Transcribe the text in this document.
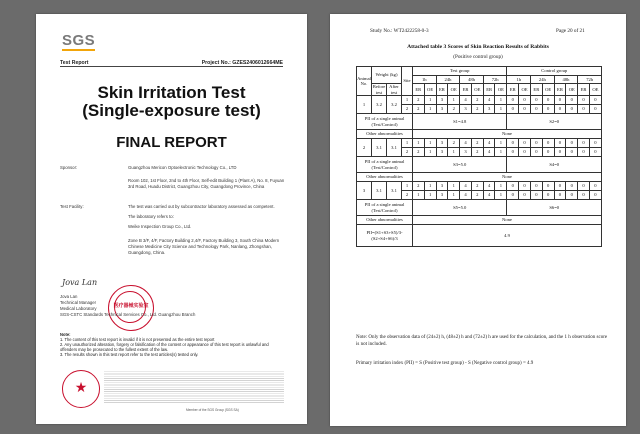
SGS
Test Report	Project No.: GZES2406012664ME
Skin Irritation Test
(Single-exposure test)
FINAL REPORT
Sponsor:	Guangzhou Mericon Optoelectronic Technology Co., LTD
Room 102, 1st Floor, 2nd to 4th Floor, Self-edit Building 1 (Plant A), No. 8, Fuyuan 3rd Road, Huadu District, Guangzhou City, Guangdong Province, China
Test Facility:	The test was carried out by subcontractor laboratory assessed as competent.
The laboratory refers to:
Weike Inspection Group Co., Ltd.
Zone B 3/F, 4/F, Factory Building 2,4/F, Factory Building 3, South China Modern Chinese Medicine City Science and Technology Park, Nanlang, Zhongshan, Guangdong, China.
Jova Lan
医疗器械实验室
Jova Lan
Technical Manager
Medical Laboratory
SGS-CSTC Standards Technical Services Co., Ltd. Guangzhou Branch
Note:
1. The content of this test report is invalid if it is not presented as the entire test report
2. Any unauthorized alteration, forgery or falsification of the content or appearance of this test report is unlawful and offenders may be prosecuted to the fullest extent of the law.
3. The results shown in this test report refer to the test articles(s) tested only.
★
Member of the SGS Group (SGS SA)
Study No.: WT2422258-0-3	Page 20 of 21
Attached table 3 Scores of Skin Reaction Results of Rabbits
(Positive control group)
Animal No.	Weight (kg)		Site	Test group								Control group							
				1h		24h		48h		72h		1h		24h		48h		72h	
	Before test	After test		ER	OE	ER	OE	ER	OE	ER	OE	ER	OE	ER	OE	ER	OE	ER	OE
1	3.2	3.2	1	2	1	3	1	4	2	4	1	0	0	0	0	0	0	0	0
			2	2	1	3	2	3	2	3	1	0	0	0	0	0	0	0	0
PII of a single animal (Test/Control)				S1=4.8								S2=0							
Other abnormalities				None															
2	3.1	3.1	1	1	1	3	2	4	2	4	1	0	0	0	0	0	0	0	0
			2	2	1	3	1	3	2	4	1	0	0	0	0	0	0	0	0
PII of a single animal (Test/Control)				S3=5.0								S4=0							
Other abnormalities				None															
3	3.1	3.1	1	2	1	3	1	4	2	4	1	0	0	0	0	0	0	0	0
			2	1	1	3	1	4	2	4	1	0	0	0	0	0	0	0	0
PII of a single animal (Test/Control)				S5=5.0								S6=0							
Other abnormalities				None															
PII=(S1+S3+S5)/3-(S2+S4+S6)/3				4.9															
Note: Only the observation data of (24±2) h, (48±2) h and (72±2) h are used for the calculation, and the 1 h observation score is not included.
Primary irritation index (PII) = S (Positive test group) - S (Negative control group) = 4.9
